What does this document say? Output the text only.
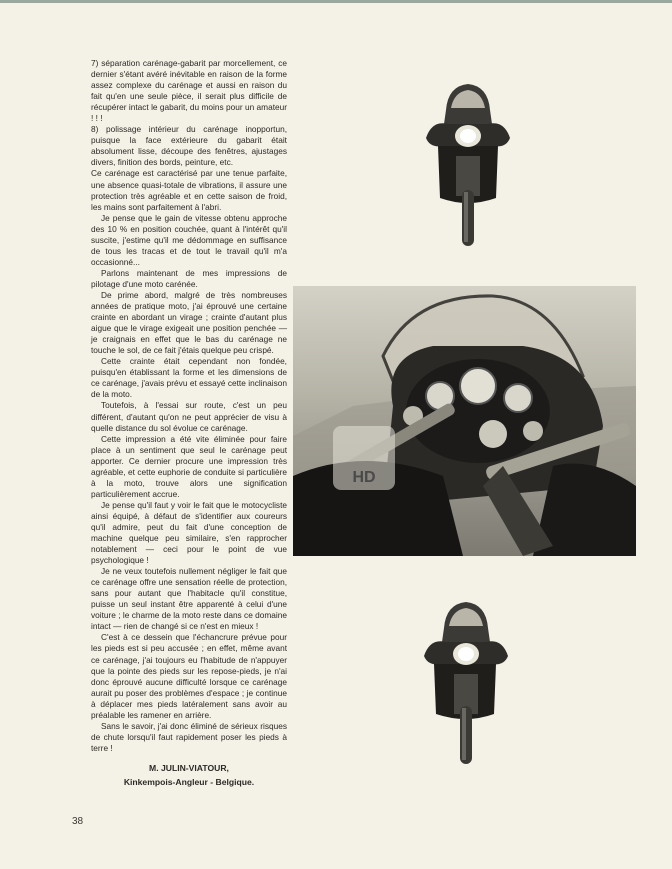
7) séparation carénage-gabarit par morcellement, ce dernier s'étant avéré inévitable en raison de la forme assez complexe du carénage et aussi en raison du fait qu'en une seule pièce, il serait plus difficile de récupérer intact le gabarit, du moins pour un amateur ! ! !

8) polissage intérieur du carénage inopportun, puisque la face extérieure du gabarit était absolument lisse, découpe des fenêtres, ajustages divers, finition des bords, peinture, etc.

Ce carénage est caractérisé par une tenue parfaite, une absence quasi-totale de vibrations, il assure une protection très agréable et en cette saison de froid, les mains sont parfaitement à l'abri.

Je pense que le gain de vitesse obtenu approche des 10 % en position couchée, quant à l'intérêt qu'il suscite, j'estime qu'il me dédommage en suffisance de tous les tracas et de tout le travail qu'il m'a occasionné...

Parlons maintenant de mes impressions de pilotage d'une moto carénée.

De prime abord, malgré de très nombreuses années de pratique moto, j'ai éprouvé une certaine crainte en abordant un virage ; crainte d'autant plus aigue que le virage exigeait une position penchée — je craignais en effet que le bas du carénage ne touche le sol, de ce fait j'étais quelque peu crispé.

Cette crainte était cependant non fondée, puisqu'en établissant la forme et les dimensions de ce carénage, j'avais prévu et essayé cette inclinaison de la moto.

Toutefois, à l'essai sur route, c'est un peu différent, d'autant qu'on ne peut apprécier de visu à quelle distance du sol évolue ce carénage.

Cette impression a été vite éliminée pour faire place à un sentiment que seul le carénage peut apporter. Ce dernier procure une impression très agréable, et cette euphorie de conduite si particulière à la moto, trouve alors une signification particulièrement accrue.

Je pense qu'il faut y voir le fait que le motocycliste ainsi équipé, à défaut de s'identifier aux coureurs qu'il admire, peut du fait d'une conception de machine quelque peu similaire, s'en rapprocher notablement — ceci pour le point de vue psychologique !

Je ne veux toutefois nullement négliger le fait que ce carénage offre une sensation réelle de protection, sans pour autant que l'habitacle qu'il constitue, puisse un seul instant être apparenté à celui d'une voiture ; le charme de la moto reste dans ce domaine intact — rien de changé si ce n'est en mieux !

C'est à ce dessein que l'échancrure prévue pour les pieds est si peu accusée ; en effet, même avant ce carénage, j'ai toujours eu l'habitude de n'appuyer que la pointe des pieds sur les repose-pieds, je n'ai donc éprouvé aucune difficulté lorsque ce carénage aurait pu poser des problèmes d'espace ; je continue à déplacer mes pieds latéralement sans avoir au préalable les ramener en arrière.

Sans le savoir, j'ai donc éliminé de sérieux risques de chute lorsqu'il faut rapidement poser les pieds à terre !

M. JULIN-VIATOUR,
Kinkempois-Angleur - Belgique.
38
HD
